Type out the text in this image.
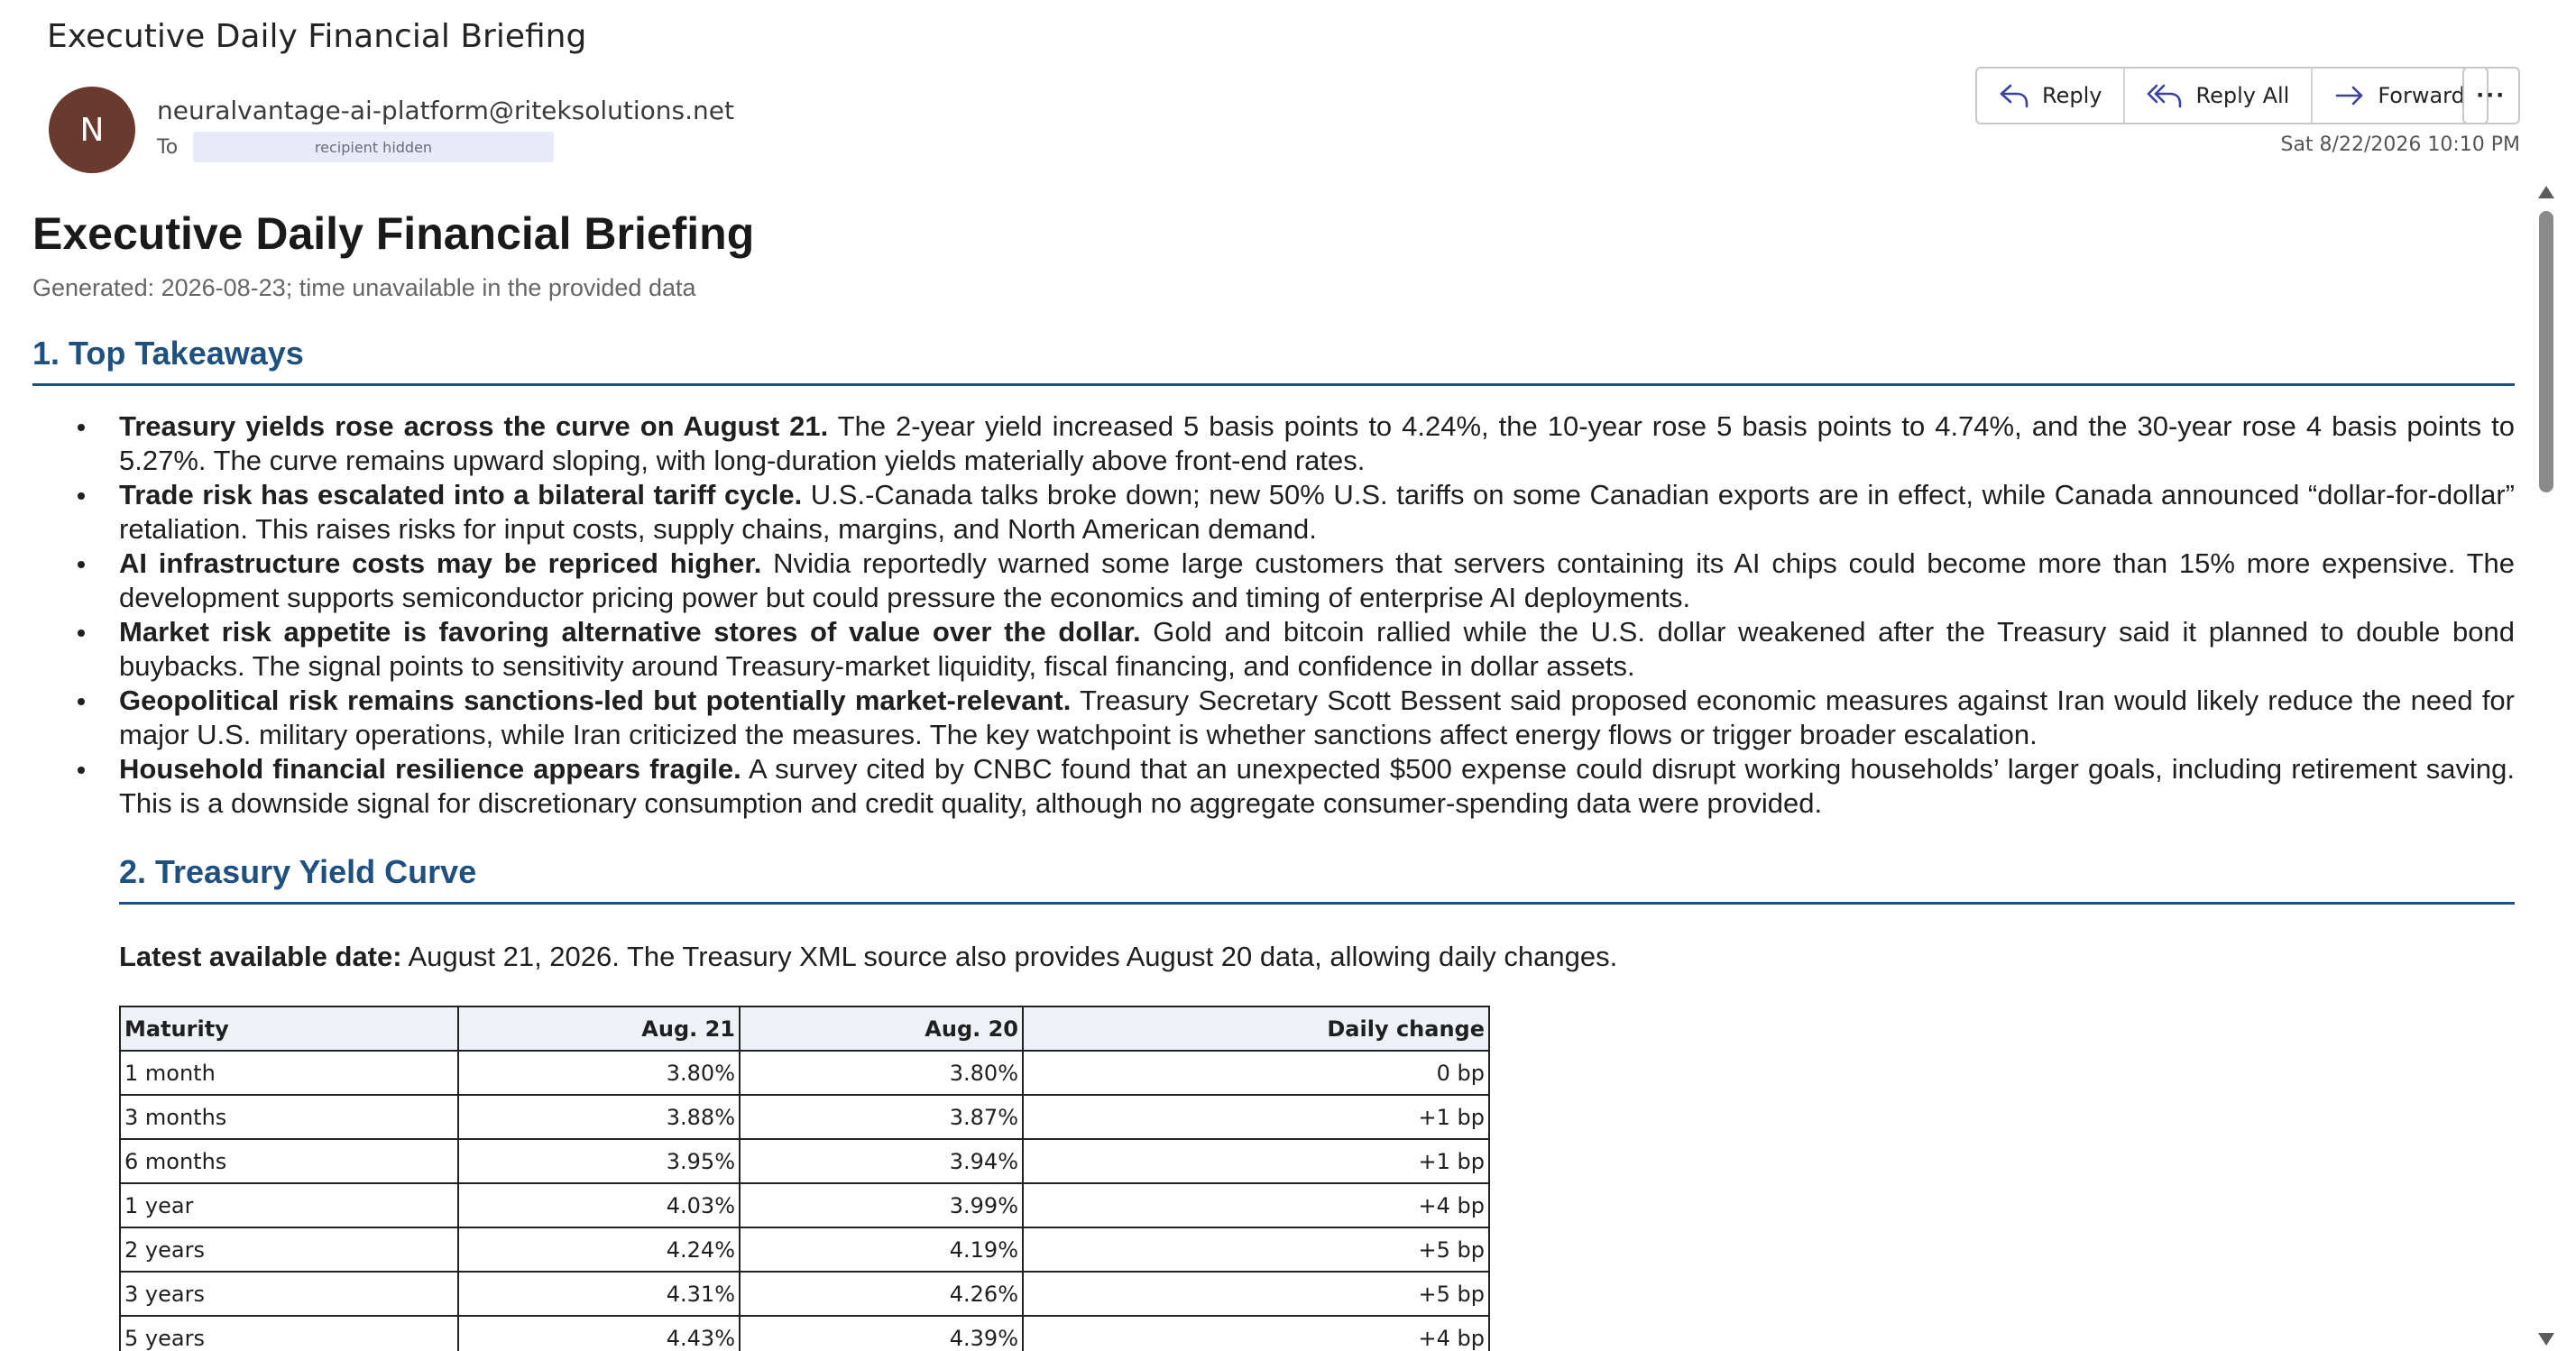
Executive Daily Financial Briefing
N
neuralvantage-ai-platform@riteksolutions.net
To	recipient hidden
Reply	Reply All	Forward ···
Sat 8/22/2026 10:10 PM
Executive Daily Financial Briefing
Generated: 2026-08-23; time unavailable in the provided data
1. Top Takeaways
Treasury yields rose across the curve on August 21. The 2-year yield increased 5 basis points to 4.24%, the 10-year rose 5 basis points to 4.74%, and the 30-year rose 4 basis points to 5.27%. The curve remains upward sloping, with long-duration yields materially above front-end rates.
Trade risk has escalated into a bilateral tariff cycle. U.S.-Canada talks broke down; new 50% U.S. tariffs on some Canadian exports are in effect, while Canada announced “dollar-for-dollar” retaliation. This raises risks for input costs, supply chains, margins, and North American demand.
AI infrastructure costs may be repriced higher. Nvidia reportedly warned some large customers that servers containing its AI chips could become more than 15% more expensive. The development supports semiconductor pricing power but could pressure the economics and timing of enterprise AI deployments.
Market risk appetite is favoring alternative stores of value over the dollar. Gold and bitcoin rallied while the U.S. dollar weakened after the Treasury said it planned to double bond buybacks. The signal points to sensitivity around Treasury-market liquidity, fiscal financing, and confidence in dollar assets.
Geopolitical risk remains sanctions-led but potentially market-relevant. Treasury Secretary Scott Bessent said proposed economic measures against Iran would likely reduce the need for major U.S. military operations, while Iran criticized the measures. The key watchpoint is whether sanctions affect energy flows or trigger broader escalation.
Household financial resilience appears fragile. A survey cited by CNBC found that an unexpected $500 expense could disrupt working households’ larger goals, including retirement saving. This is a downside signal for discretionary consumption and credit quality, although no aggregate consumer-spending data were provided.
2. Treasury Yield Curve

Latest available date: August 21, 2026. The Treasury XML source also provides August 20 data, allowing daily changes.

Maturity	Aug. 21	Aug. 20	Daily change
1 month	3.80%	3.80%	0 bp
3 months	3.88%	3.87%	+1 bp
6 months	3.95%	3.94%	+1 bp
1 year	4.03%	3.99%	+4 bp
2 years	4.24%	4.19%	+5 bp
3 years	4.31%	4.26%	+5 bp
5 years	4.43%	4.39%	+4 bp
